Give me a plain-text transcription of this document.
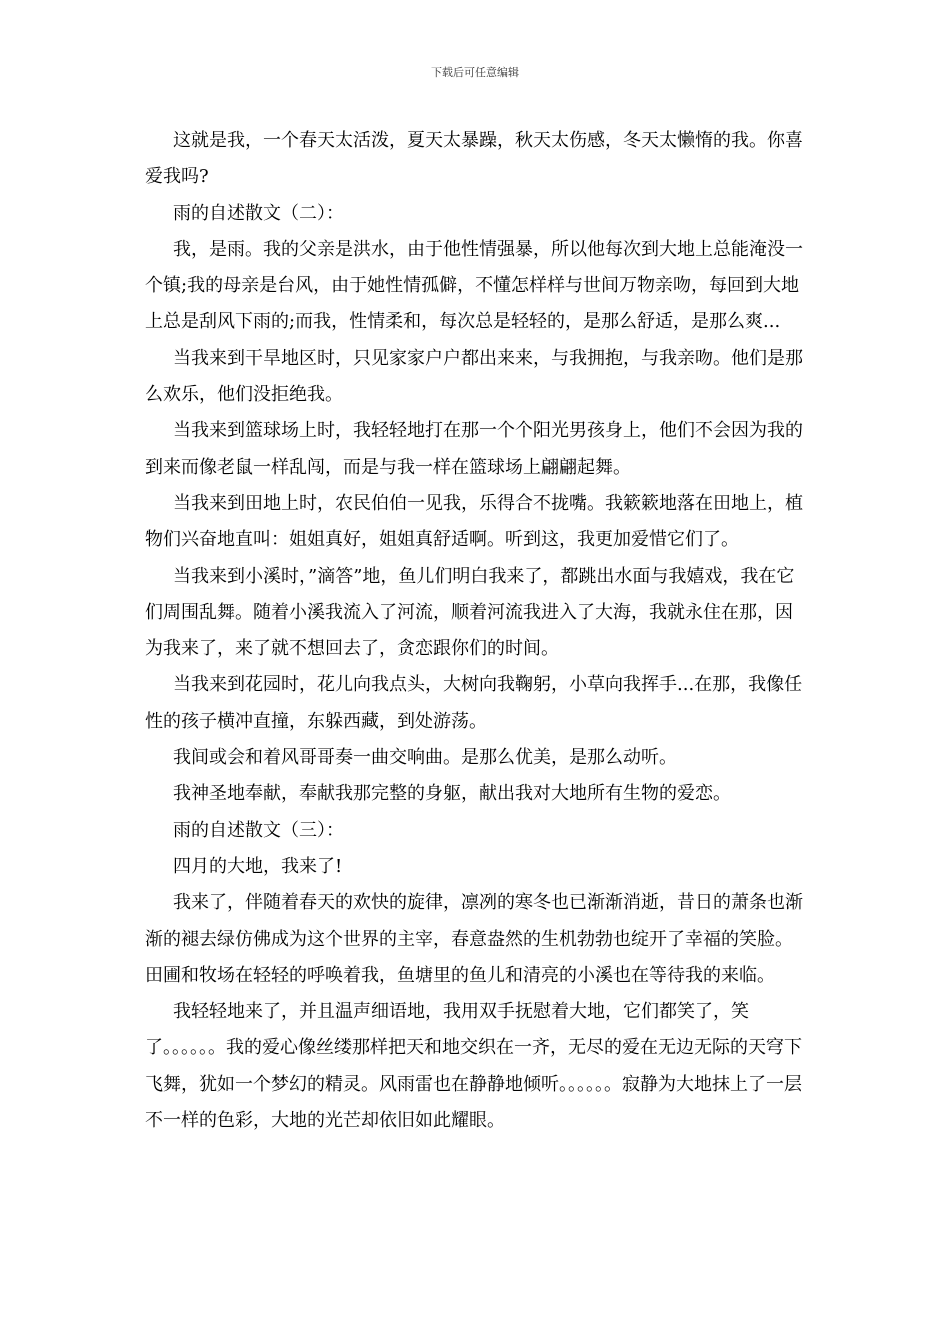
下载后可任意编辑

这就是我，一个春天太活泼，夏天太暴躁，秋天太伤感，冬天太懒惰的我。你喜爱我吗?

雨的自述散文（二）：

我，是雨。我的父亲是洪水，由于他性情强暴，所以他每次到大地上总能淹没一个镇;我的母亲是台风，由于她性情孤僻，不懂怎样样与世间万物亲吻，每回到大地上总是刮风下雨的;而我，性情柔和，每次总是轻轻的，是那么舒适，是那么爽...

当我来到干旱地区时，只见家家户户都出来来，与我拥抱，与我亲吻。他们是那么欢乐，他们没拒绝我。

当我来到篮球场上时，我轻轻地打在那一个个阳光男孩身上，他们不会因为我的到来而像老鼠一样乱闯，而是与我一样在篮球场上翩翩起舞。

当我来到田地上时，农民伯伯一见我，乐得合不拢嘴。我簌簌地落在田地上，植物们兴奋地直叫：姐姐真好，姐姐真舒适啊。听到这，我更加爱惜它们了。

当我来到小溪时，”滴答”地，鱼儿们明白我来了，都跳出水面与我嬉戏，我在它们周围乱舞。随着小溪我流入了河流，顺着河流我进入了大海，我就永住在那，因为我来了，来了就不想回去了，贪恋跟你们的时间。

当我来到花园时，花儿向我点头，大树向我鞠躬，小草向我挥手...在那，我像任性的孩子横冲直撞，东躲西藏，到处游荡。

我间或会和着风哥哥奏一曲交响曲。是那么优美，是那么动听。

我神圣地奉献，奉献我那完整的身躯，献出我对大地所有生物的爱恋。

雨的自述散文（三）：

四月的大地，我来了!

我来了，伴随着春天的欢快的旋律，凛冽的寒冬也已渐渐消逝，昔日的萧条也渐渐的褪去绿仿佛成为这个世界的主宰，春意盎然的生机勃勃也绽开了幸福的笑脸。田圃和牧场在轻轻的呼唤着我，鱼塘里的鱼儿和清亮的小溪也在等待我的来临。

我轻轻地来了，并且温声细语地，我用双手抚慰着大地，它们都笑了，笑了。。。。。。我的爱心像丝缕那样把天和地交织在一齐，无尽的爱在无边无际的天穹下飞舞，犹如一个梦幻的精灵。风雨雷也在静静地倾听。。。。。。寂静为大地抹上了一层不一样的色彩，大地的光芒却依旧如此耀眼。
